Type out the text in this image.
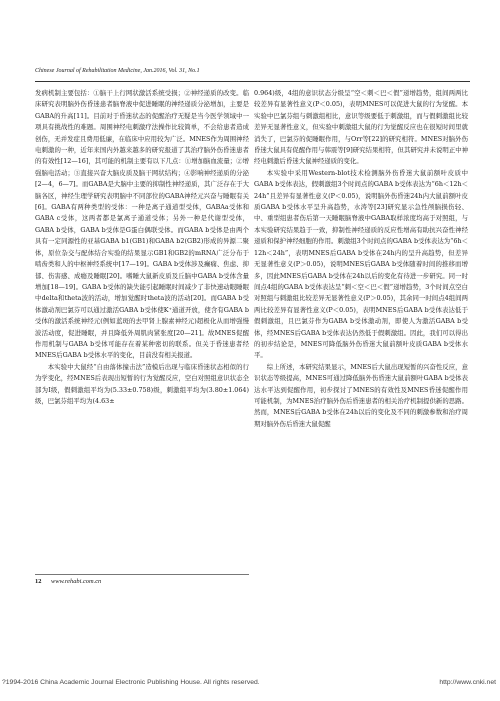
Chinese Journal of Rehabilitation Medicine, Jan.2016, Vol. 31, No.1

发病机制主要包括：①脑干上行网状激活系统受损；②神经递质的改变。临床研究表明脑外伤昏迷患者脑脊液中促进睡眠的神经递质分泌增加，主要是GABA的升高[11]。目前对于昏迷状态的促醒治疗无疑是当今医学领域中一项具有挑战性的难题。周围神经电刺激疗法操作比较简单，不会给患者造成创伤，无并发症且费用低廉，在临床中应用较为广泛。MNES作为周围神经电刺激的一种，近年来国内外越来越多的研究报道了其治疗脑外伤昏迷患者的有效性[12—16]，其可能的机制主要有以下几点：①增加脑血流量；②增强脑电活动；③直接兴奋大脑皮质及脑干网状结构；④影响神经递质的分泌[2—4，6—7]。而GABA是大脑中主要的抑制性神经递质，其广泛存在于大脑各区，神经生理学研究表明脑中不同部位的GABA神经元兴奋与睡眠有关[6]。GABA有两种类型的受体：一种是离子通道型受体，GABAa受体和GABA c受体，这两者都是氯离子通道受体；另外一种是代谢型受体，GABA b受体，GABA b受体是G蛋白偶联受体。而GABA b受体是由两个具有一定同源性的亚基GABA b1(GB1)和GABA b2(GB2)形成的异源二聚体，原位杂交与配体结合实验的结果显示GB1和GB2的mRNA广泛分布于啮齿类和人的中枢神经系统中[17—19]。GABA b受体涉及癫痫、焦虑、抑郁、伤害感、成瘾及睡眠[20]。嗜睡大鼠新皮质及丘脑中GABA b受体含量增加[18—19]。GABA b受体的缺失能引起睡眠时间减少了非快速动眼睡眠中delta和theta波的活动，增加觉醒时theta波的活动[20]。而GABA b受体激动剂巴氯芬可以通过激活GABA b受体使K⁺通道开放，使含有GABA b受体的激活系统神经元(例如蓝斑的去甲肾上腺素神经元)超极化从而增强慢波活动度，促进睡眠，并且降低外周肌肉紧张度[20—21]。故MNES促醒作用机制与GABA b受体可能存在着某种密切的联系。但关于昏迷患者经MNES后GABA b受体水平的变化，目前没有相关报道。

本实验中大鼠经“自由落体撞击法”造模后出现与临床昏迷状态相似的行为学变化，经MNES后表现出短暂的行为觉醒反应，空白对照组意识状态全部为Ⅰ级，假刺激组平均为(5.33±0.758)级，刺激组平均为(3.80±1.064)级，巴氯芬组平均为(4.63±

0.964)级，4组的意识状态分级呈“空＜刺＜巴＜假”递增趋势，组间两两比较差异有显著性意义(P＜0.05)，表明MNES可以促进大鼠的行为觉醒。本实验中巴氯芬组与刺激组相比，意识等级要低于刺激组，而与假刺激组比较差异无显著性意义，但实验中刺激组大鼠的行为觉醒反应也在很短时间里就消失了，巴氯芬的促睡眠作用，与Orr等[22]的研究相符。MNES对脑外伤昏迷大鼠具有促醒作用与韩震等[9]研究结果相符，但其研究并未说明正中神经电刺激后昏迷大鼠神经递质的变化。

本实验中采用Western-blot技术检测脑外伤昏迷大鼠前额叶皮质中GABA b受体表达，假刺激组3个时间点的GABA b受体表达为“6h＜12h＜24h”且差异有显著性意义(P＜0.05)，说明脑外伤昏迷24h内大鼠前额叶皮质GABA b受体水平呈升高趋势，水涛等[23]研究显示急性颅脑损伤轻、中、重型组患者伤后第一天睡眠脑脊液中GABA取样浓度均高于对照组，与本实验研究结果趋于一致，抑制性神经递质的反应性增高有助抗兴奋性神经递质和保护神经细胞的作用。刺激组3个时间点的GABA b受体表达为“6h＜12h＜24h”，表明MNES后GABA b受体在24h内的呈升高趋势，但差异无显著性意义(P＞0.05)，说明MNES后GABA b受体随着时间的推移而增多，因此MNES后GABA b受体在24h以后的变化有待进一步研究。同一时间点4组的GABA b受体表达呈“刺＜空＜巴＜假”递增趋势，3个时间点空白对照组与刺激组比较差异无显著性意义(P＞0.05)，其余同一时间点4组间两两比较差异有显著性意义(P＜0.05)，表明MNES后GABA b受体表达低于假刺激组，且巴氯芬作为GABA b受体激动剂，即使人为激活GABA b受体，经MNES后GABA b受体表达仍然低于假刺激组。因此，我们可以得出的初步结论是，MNES可降低脑外伤昏迷大鼠前额叶皮质GABA b受体水平。

综上所述，本研究结果显示，MNES后大鼠出现短暂的兴奋性反应，意识状态等级提高，MNES可通过降低脑外伤昏迷大鼠前额叶GABA b受体表达水平达到促醒作用，初步探讨了MNES的有效性及MNES昏迷促醒作用可能机制，为MNES治疗脑外伤后昏迷患者的相关治疗机制提供新的思路。然而，MNES后GABA b受体在24h以后的变化及不同的刺激参数和治疗周期对脑外伤后昏迷大鼠促醒

12 www.rehabi.com.cn
?1994-2016 China Academic Journal Electronic Publishing House. All rights reserved.	http://www.cnki.net
